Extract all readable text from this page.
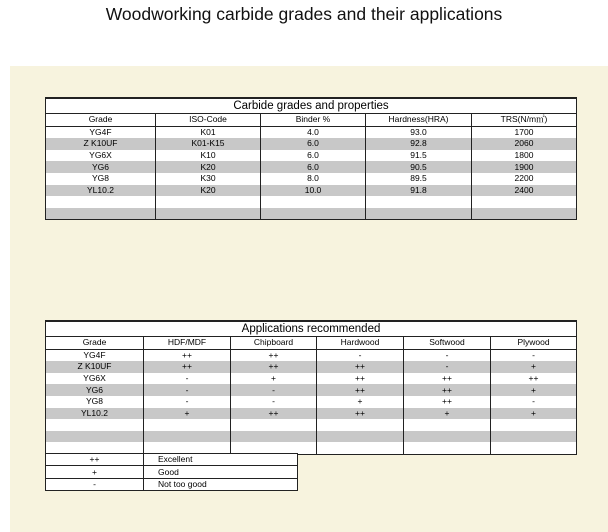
Woodworking carbide grades and their applications
Carbide grades and properties				
Grade	ISO-Code	Binder %	Hardness(HRA)	TRS(N/m㎡)
YG4F	K01	4.0	93.0	1700
Z K10UF	K01-K15	6.0	92.8	2060
YG6X	K10	6.0	91.5	1800
YG6	K20	6.0	90.5	1900
YG8	K30	8.0	89.5	2200
YL10.2	K20	10.0	91.8	2400

Applications recommended					
Grade	HDF/MDF	Chipboard	Hardwood	Softwood	Plywood
YG4F	++	++	-	-	-
Z K10UF	++	++	++	-	+
YG6X	-	+	++	++	++
YG6	-	-	++	++	+
YG8	-	-	+	++	-
YL10.2	+	++	++	+	+

++	Excellent
+	Good
-	Not too good
